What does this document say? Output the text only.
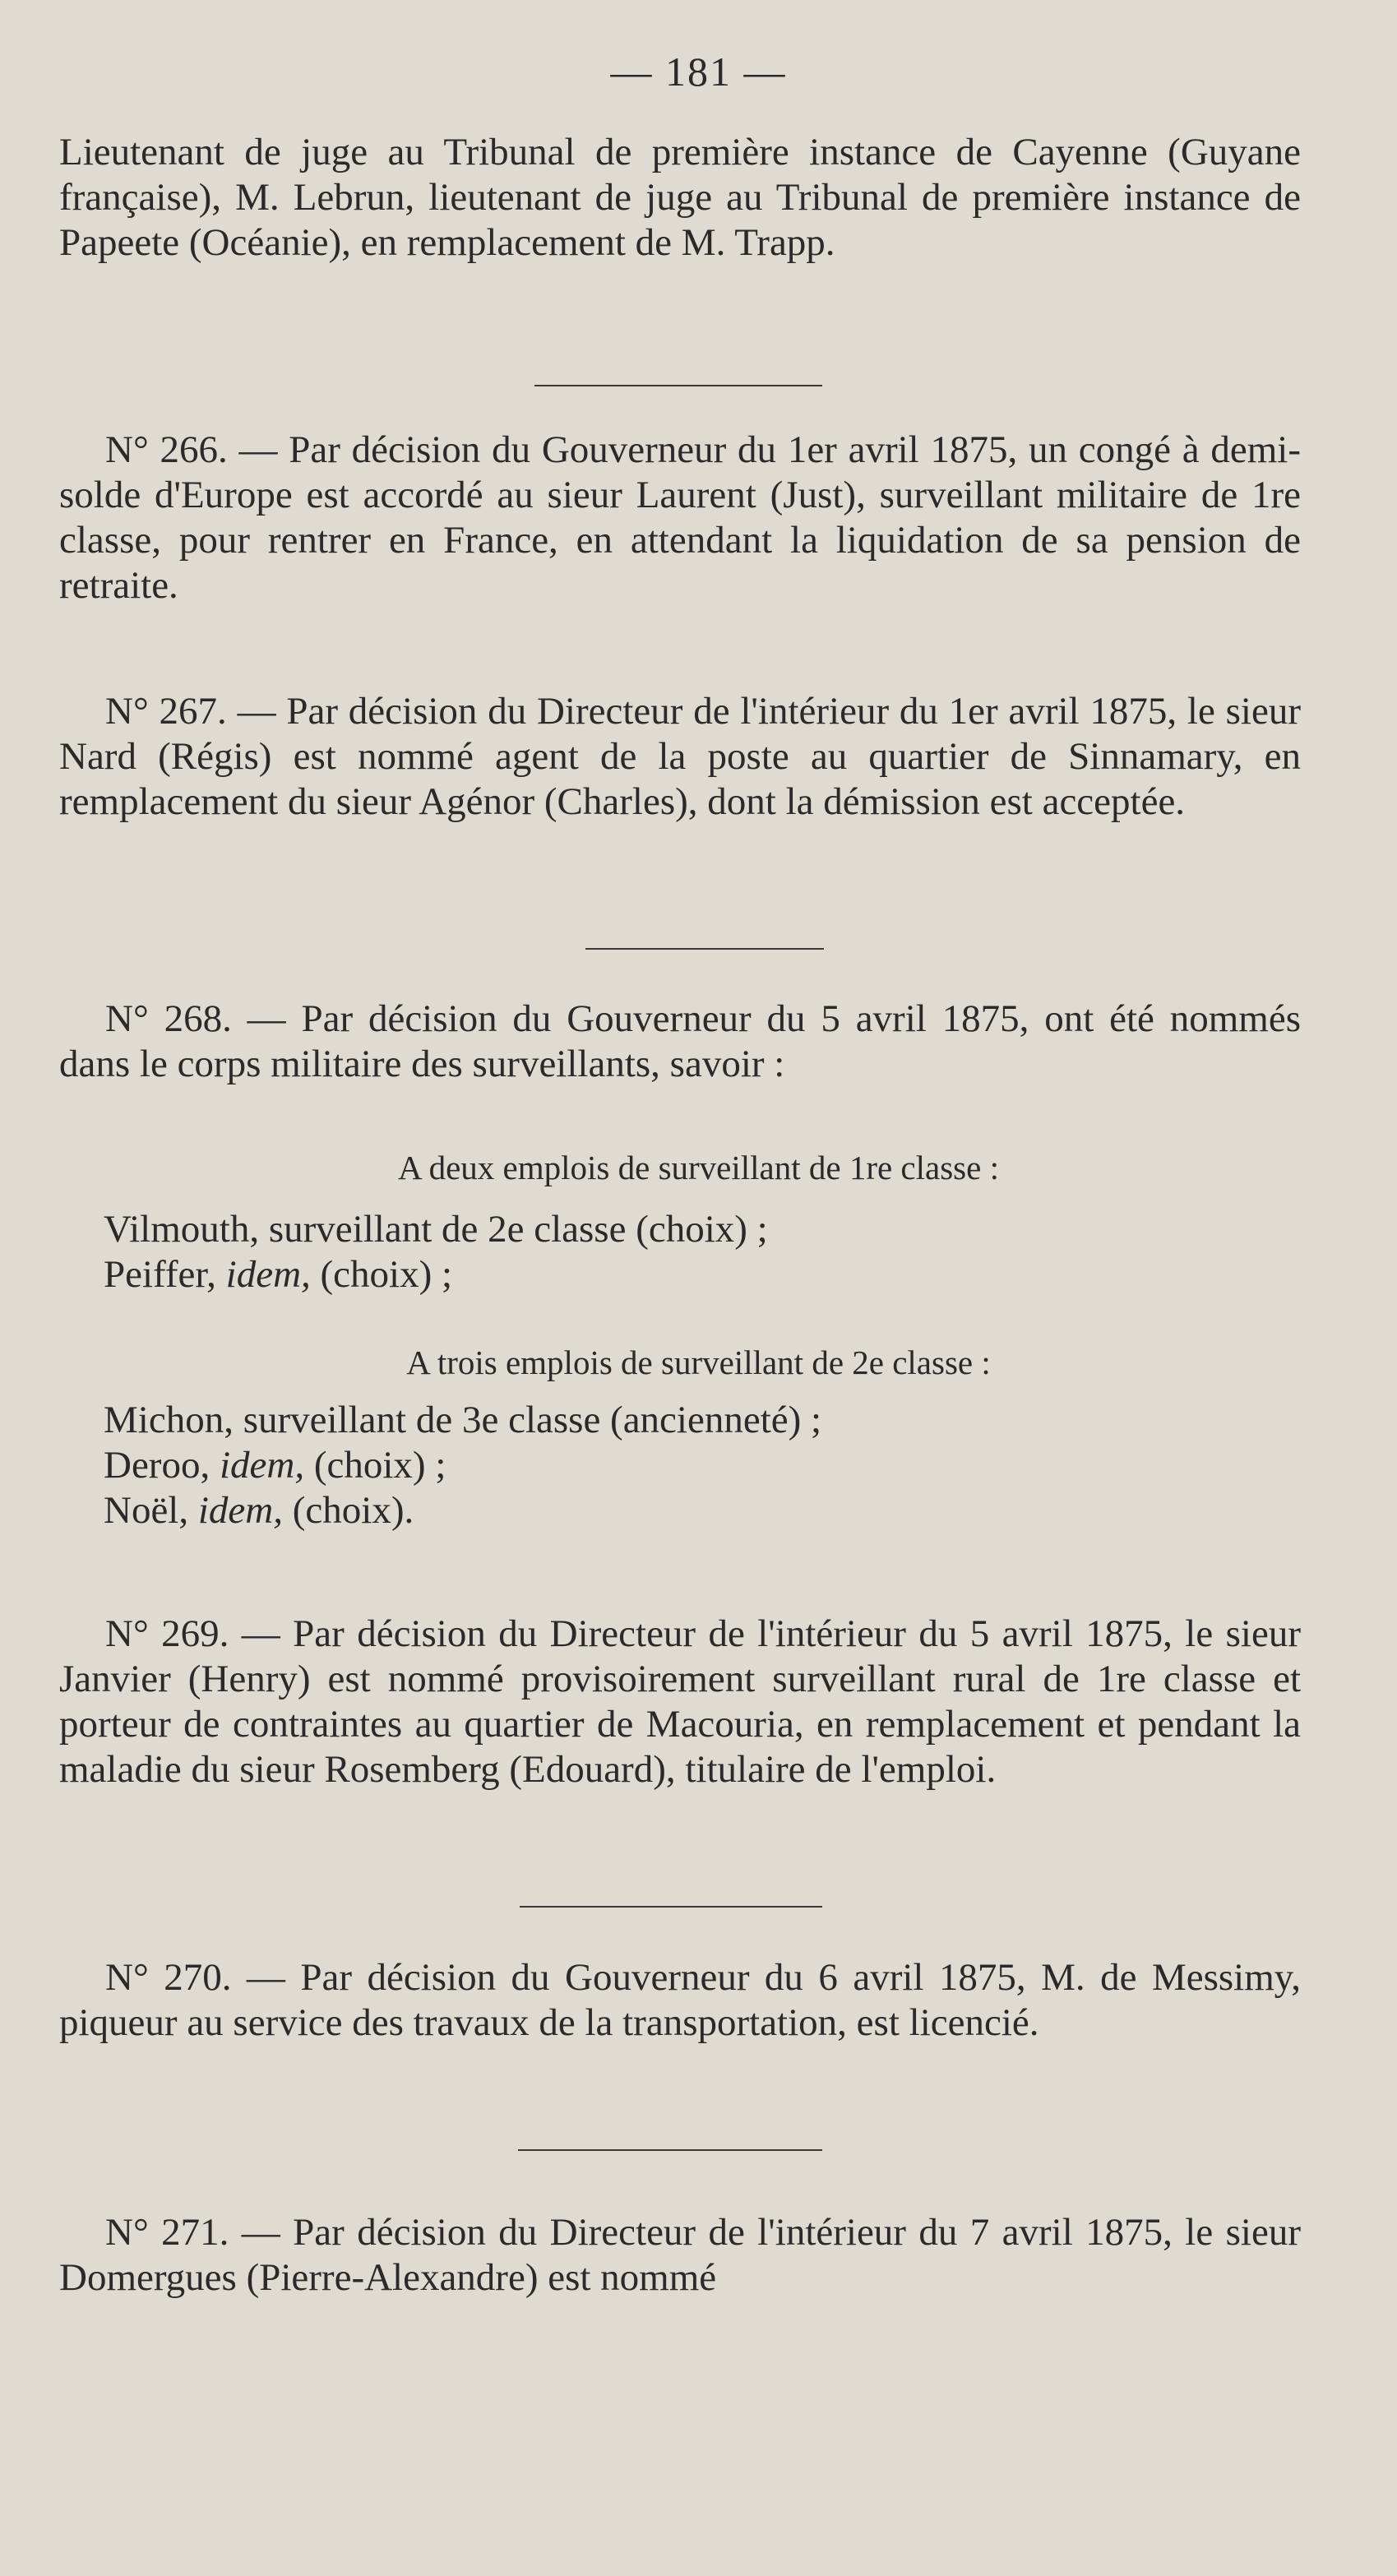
— 181 —

Lieutenant de juge au Tribunal de première instance de Cayenne (Guyane française), M. Lebrun, lieutenant de juge au Tribunal de première instance de Papeete (Océanie), en remplacement de M. Trapp.

N° 266. — Par décision du Gouverneur du 1er avril 1875, un congé à demi-solde d'Europe est accordé au sieur Laurent (Just), surveillant militaire de 1re classe, pour rentrer en France, en attendant la liquidation de sa pension de retraite.

N° 267. — Par décision du Directeur de l'intérieur du 1er avril 1875, le sieur Nard (Régis) est nommé agent de la poste au quartier de Sinnamary, en remplacement du sieur Agénor (Charles), dont la démission est acceptée.

N° 268. — Par décision du Gouverneur du 5 avril 1875, ont été nommés dans le corps militaire des surveillants, savoir :

A deux emplois de surveillant de 1re classe :
Vilmouth, surveillant de 2e classe (choix) ;
Peiffer, idem, (choix) ;
A trois emplois de surveillant de 2e classe :
Michon, surveillant de 3e classe (ancienneté) ;
Deroo, idem, (choix) ;
Noël, idem, (choix).

N° 269. — Par décision du Directeur de l'intérieur du 5 avril 1875, le sieur Janvier (Henry) est nommé provisoirement surveillant rural de 1re classe et porteur de contraintes au quartier de Macouria, en remplacement et pendant la maladie du sieur Rosemberg (Edouard), titulaire de l'emploi.

N° 270. — Par décision du Gouverneur du 6 avril 1875, M. de Messimy, piqueur au service des travaux de la transportation, est licencié.

N° 271. — Par décision du Directeur de l'intérieur du 7 avril 1875, le sieur Domergues (Pierre-Alexandre) est nommé
